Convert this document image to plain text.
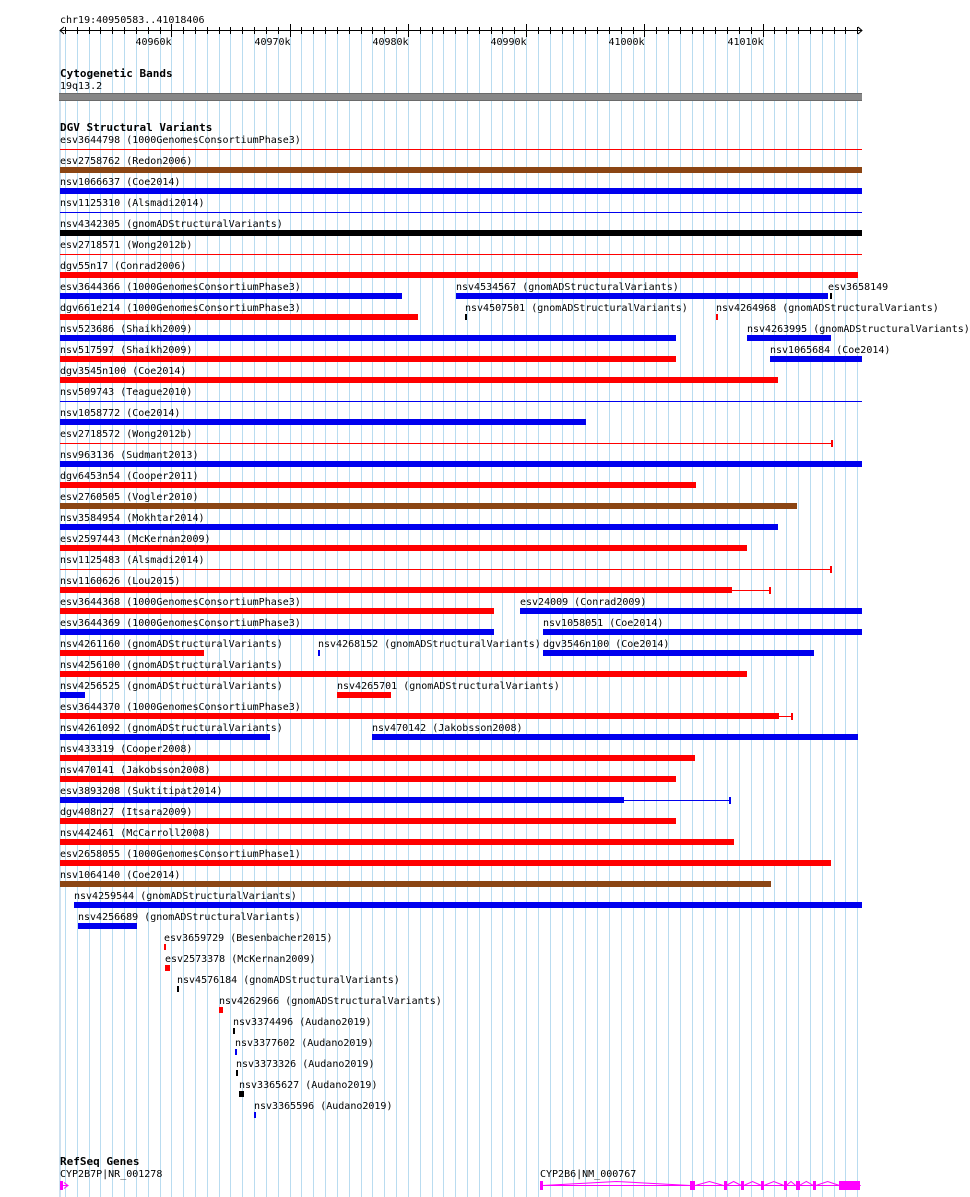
40960k	40970k	40980k	40990k	41000k	41010k
chr19:40950583..41018406
Cytogenetic Bands
19q13.2
DGV Structural Variants
esv3644798 (1000GenomesConsortiumPhase3)
esv2758762 (Redon2006)
nsv1066637 (Coe2014)
nsv1125310 (Alsmadi2014)
nsv4342305 (gnomADStructuralVariants)
esv2718571 (Wong2012b)
dgv55n17 (Conrad2006)
esv3644366 (1000GenomesConsortiumPhase3)	nsv4534567 (gnomADStructuralVariants)	esv3658149
dgv661e214 (1000GenomesConsortiumPhase3)	nsv4507501 (gnomADStructuralVariants)	nsv4264968 (gnomADStructuralVariants)
nsv523686 (Shaikh2009)	nsv4263995 (gnomADStructuralVariants)
nsv517597 (Shaikh2009)	nsv1065684 (Coe2014)
dgv3545n100 (Coe2014)
nsv509743 (Teague2010)
nsv1058772 (Coe2014)
esv2718572 (Wong2012b)
nsv963136 (Sudmant2013)
dgv6453n54 (Cooper2011)
esv2760505 (Vogler2010)
nsv3584954 (Mokhtar2014)
esv2597443 (McKernan2009)
nsv1125483 (Alsmadi2014)
nsv1160626 (Lou2015)
esv3644368 (1000GenomesConsortiumPhase3)	esv24009 (Conrad2009)
esv3644369 (1000GenomesConsortiumPhase3)	nsv1058051 (Coe2014)
nsv4261160 (gnomADStructuralVariants)	nsv4268152 (gnomADStructuralVariants) dgv3546n100 (Coe2014)
nsv4256100 (gnomADStructuralVariants)
nsv4256525 (gnomADStructuralVariants)	nsv4265701 (gnomADStructuralVariants)
esv3644370 (1000GenomesConsortiumPhase3)
nsv4261092 (gnomADStructuralVariants)	nsv470142 (Jakobsson2008)
nsv433319 (Cooper2008)
nsv470141 (Jakobsson2008)
esv3893208 (Suktitipat2014)
dgv408n27 (Itsara2009)
nsv442461 (McCarroll2008)
esv2658055 (1000GenomesConsortiumPhase1)
nsv1064140 (Coe2014)
nsv4259544 (gnomADStructuralVariants)
nsv4256689 (gnomADStructuralVariants)
esv3659729 (Besenbacher2015)
esv2573378 (McKernan2009)
nsv4576184 (gnomADStructuralVariants)
nsv4262966 (gnomADStructuralVariants)
nsv3374496 (Audano2019)
nsv3377602 (Audano2019)
nsv3373326 (Audano2019)
nsv3365627 (Audano2019)
nsv3365596 (Audano2019)
RefSeq Genes
CYP2B7P|NR_001278	CYP2B6|NM_000767
